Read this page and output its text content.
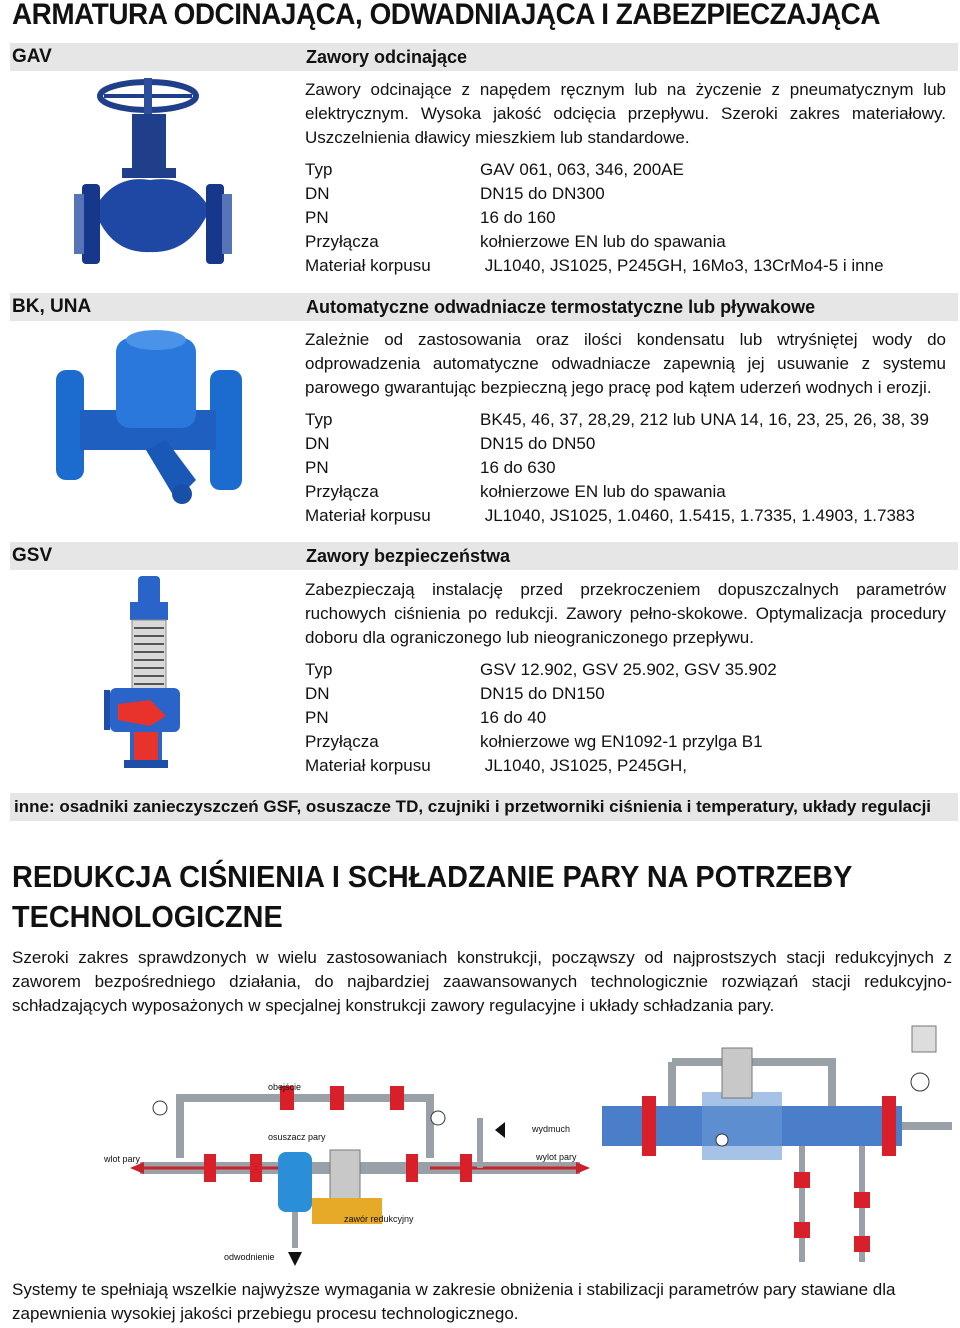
ARMATURA ODCINAJĄCA, ODWADNIAJĄCA I ZABEZPIECZAJĄCA
GAV	Zawory odcinające
Zawory odcinające z napędem ręcznym lub na życzenie z pneumatycznym lub elektrycznym. Wysoka jakość odcięcia przepływu. Szeroki zakres materiałowy. Uszczelnienia dławicy mieszkiem lub standardowe.
Typ	GAV 061, 063, 346, 200AE
DN	DN15 do DN300
PN	16 do 160
Przyłącza	kołnierzowe EN lub do spawania
Materiał korpusu	JL1040, JS1025, P245GH, 16Mo3, 13CrMo4-5 i inne
BK, UNA	Automatyczne odwadniacze termostatyczne lub pływakowe
Zależnie od zastosowania oraz ilości kondensatu lub wtryśniętej wody do odprowadzenia automatyczne odwadniacze zapewnią jej usuwanie z systemu parowego gwarantując bezpieczną jego pracę pod kątem uderzeń wodnych i erozji.
Typ	BK45, 46, 37, 28,29, 212 lub UNA 14, 16, 23, 25, 26, 38, 39
DN	DN15 do DN50
PN	16 do 630
Przyłącza	kołnierzowe EN lub do spawania
Materiał korpusu	JL1040, JS1025, 1.0460, 1.5415, 1.7335, 1.4903, 1.7383
GSV	Zawory bezpieczeństwa
Zabezpieczają instalację przed przekroczeniem dopuszczalnych parametrów ruchowych ciśnienia po redukcji. Zawory pełno-skokowe. Optymalizacja procedury doboru dla ograniczonego lub nieograniczonego przepływu.
Typ	GSV 12.902, GSV 25.902, GSV 35.902
DN	DN15 do DN150
PN	16 do 40
Przyłącza	kołnierzowe wg EN1092-1 przylga B1
Materiał korpusu	JL1040, JS1025, P245GH,
inne: osadniki zanieczyszczeń GSF, osuszacze TD, czujniki i przetworniki ciśnienia i temperatury, układy regulacji
REDUKCJA CIŚNIENIA I SCHŁADZANIE PARY NA POTRZEBY TECHNOLOGICZNE
Szeroki zakres sprawdzonych w wielu zastosowaniach konstrukcji, począwszy od najprostszych stacji redukcyjnych z zaworem bezpośredniego działania, do najbardziej zaawansowanych technologicznie rozwiązań stacji redukcyjno-schładzających wyposażonych w specjalnej konstrukcji zawory regulacyjne i układy schładzania pary.
obejście
osuszacz pary
wlot pary
wydmuch
wylot pary
zawór redukcyjny
odwodnienie
Systemy te spełniają wszelkie najwyższe wymagania w zakresie obniżenia i stabilizacji parametrów pary stawiane dla zapewnienia wysokiej jakości przebiegu procesu technologicznego.
